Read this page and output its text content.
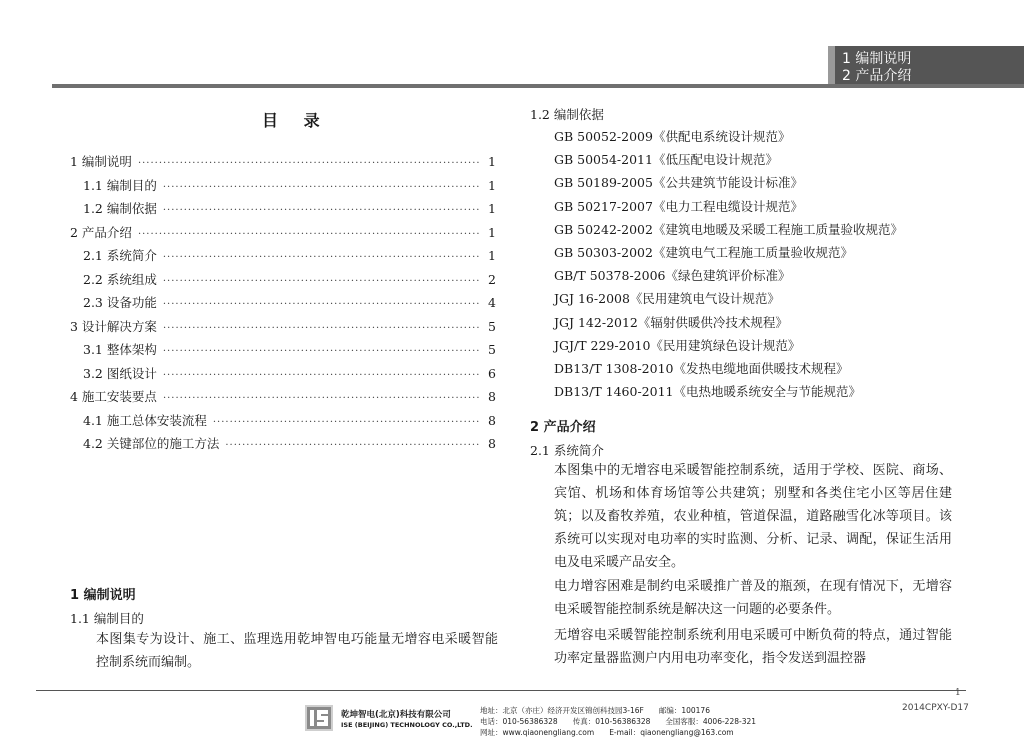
1 编制说明
2 产品介绍
目 录
1 编制说明 ·····	1
1.1 编制目的 ·····	1
1.2 编制依据 ·····	1
2 产品介绍 ·····	1
2.1 系统简介 ·····	1
2.2 系统组成 ·····	2
2.3 设备功能 ·····	4
3 设计解决方案 ·····	5
3.1 整体架构 ·····	5
3.2 图纸设计 ·····	6
4 施工安装要点 ·····	8
4.1 施工总体安装流程 ·····	8
4.2 关键部位的施工方法 ·····	8
1 编制说明
1.1 编制目的
本图集专为设计、施工、监理选用乾坤智电巧能量无增容电采暖智能控制系统而编制。
1.2 编制依据
GB 50052-2009《供配电系统设计规范》
GB 50054-2011《低压配电设计规范》
GB 50189-2005《公共建筑节能设计标准》
GB 50217-2007《电力工程电缆设计规范》
GB 50242-2002《建筑电地暖及采暖工程施工质量验收规范》
GB 50303-2002《建筑电气工程施工质量验收规范》
GB/T 50378-2006《绿色建筑评价标准》
JGJ 16-2008《民用建筑电气设计规范》
JGJ 142-2012《辐射供暖供冷技术规程》
JGJ/T 229-2010《民用建筑绿色设计规范》
DB13/T 1308-2010《发热电缆地面供暖技术规程》
DB13/T 1460-2011《电热地暖系统安全与节能规范》
2 产品介绍
2.1 系统简介
本图集中的无增容电采暖智能控制系统，适用于学校、医院、商场、宾馆、机场和体育场馆等公共建筑；别墅和各类住宅小区等居住建筑；以及畜牧养殖，农业种植，管道保温，道路融雪化冰等项目。该系统可以实现对电功率的实时监测、分析、记录、调配，保证生活用电及电采暖产品安全。
电力增容困难是制约电采暖推广普及的瓶颈，在现有情况下，无增容电采暖智能控制系统是解决这一问题的必要条件。
无增容电采暖智能控制系统利用电采暖可中断负荷的特点，通过智能功率定量器监测户内用电功率变化，指令发送到温控器
1
2014CPXY-D17
乾坤智电(北京)科技有限公司
ISE (BEIJING) TECHNOLOGY CO.,LTD.
地址：北京（亦庄）经济开发区锦创科技园3-16F　　邮编：100176
电话：010-56386328　　传真：010-56386328　　全国客服：4006-228-321
网址：www.qiaonengliang.com　　E-mail：qiaonengliang@163.com
